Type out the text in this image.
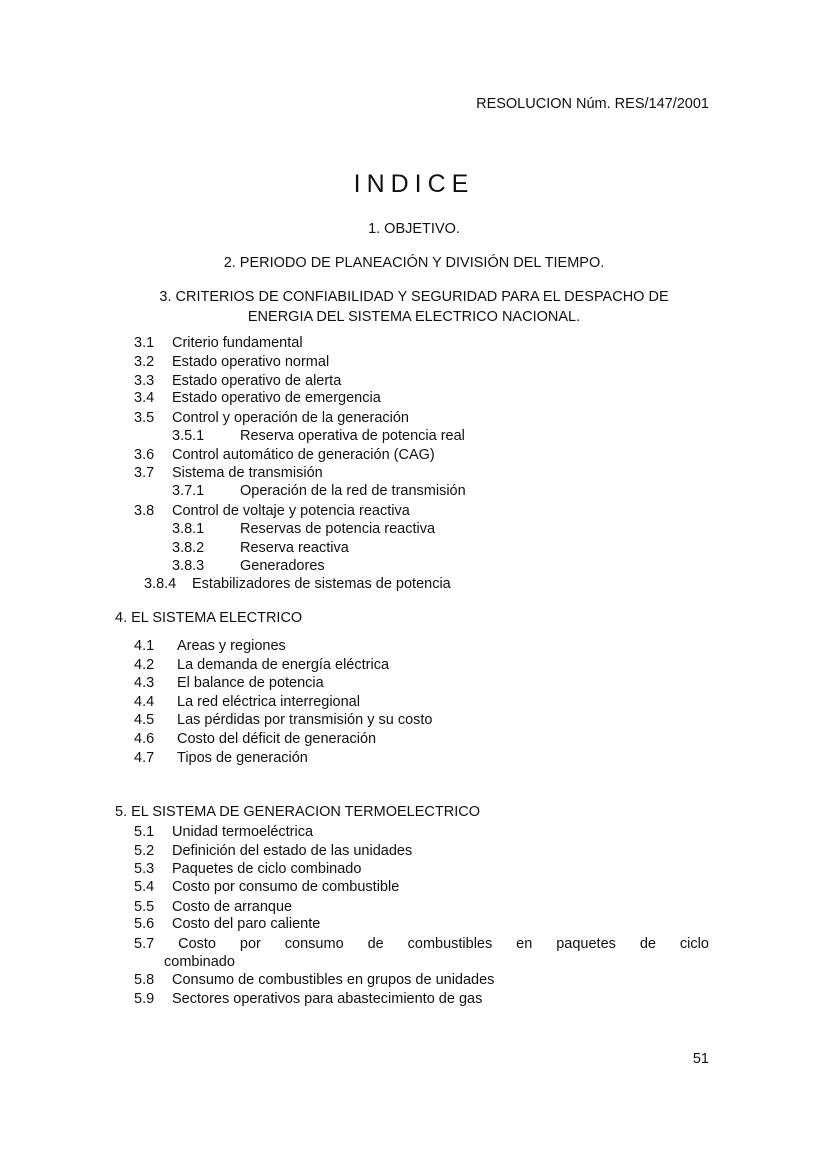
RESOLUCION Núm. RES/147/2001
INDICE
1. OBJETIVO.
2. PERIODO DE PLANEACIÓN Y DIVISIÓN DEL TIEMPO.
3. CRITERIOS DE CONFIABILIDAD Y SEGURIDAD PARA EL DESPACHO DE
ENERGIA DEL SISTEMA ELECTRICO NACIONAL.
3.1 Criterio fundamental
3.2 Estado operativo normal
3.3 Estado operativo de alerta
3.4 Estado operativo de emergencia
3.5 Control y operación de la generación
3.5.1 Reserva operativa de potencia real
3.6 Control automático de generación (CAG)
3.7 Sistema de transmisión
3.7.1 Operación de la red de transmisión
3.8 Control de voltaje y potencia reactiva
3.8.1 Reservas de potencia reactiva
3.8.2 Reserva reactiva
3.8.3 Generadores
3.8.4 Estabilizadores de sistemas de potencia
4. EL SISTEMA ELECTRICO
4.1 Areas y regiones
4.2 La demanda de energía eléctrica
4.3 El balance de potencia
4.4 La red eléctrica interregional
4.5 Las pérdidas por transmisión y su costo
4.6 Costo del déficit de generación
4.7 Tipos de generación
5. EL SISTEMA DE GENERACION TERMOELECTRICO
5.1 Unidad termoeléctrica
5.2 Definición del estado de las unidades
5.3 Paquetes de ciclo combinado
5.4 Costo por consumo de combustible
5.5 Costo de arranque
5.6 Costo del paro caliente
5.7 Costo por consumo de combustibles en paquetes de ciclo
combinado
5.8 Consumo de combustibles en grupos de unidades
5.9 Sectores operativos para abastecimiento de gas
51
